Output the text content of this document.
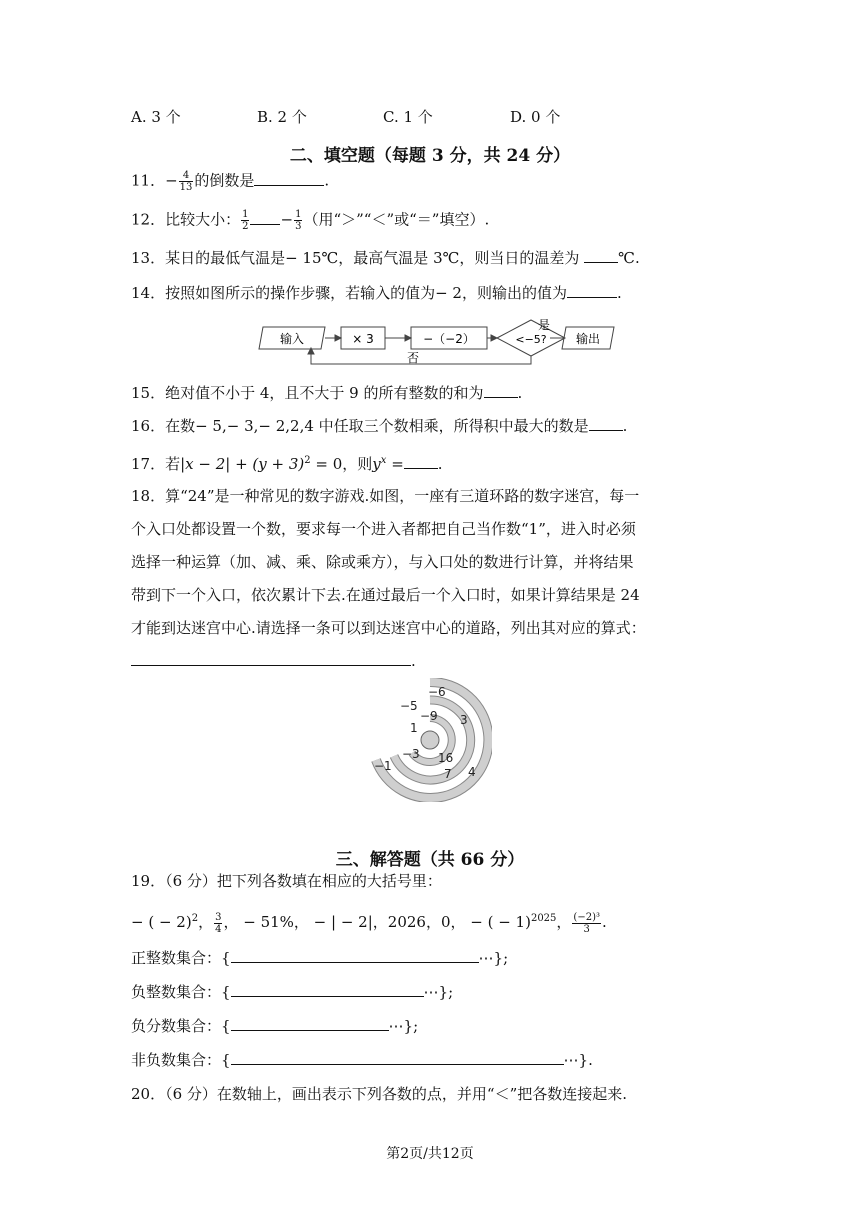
A. 3 个	B. 2 个	C. 1 个	D. 0 个
二、填空题（每题 3 分，共 24 分）
11．− $\frac{4}{13}$ 的倒数是	.
12．比较大小： $\frac{1}{2} - \frac{1}{3}$ （用“＞”“＜”或“＝”填空）.
13．某日的最低气温是− 15℃，最高气温是 3℃，则当日的温差为 ℃.
14．按照如图所示的操作步骤，若输入的值为− 2，则输出的值为	.
输入	× 3	−（−2）	<−5?
是
输出
否
15．绝对值不小于 4，且不大于 9 的所有整数的和为 .
16．在数− 5,− 3,− 2,2,4 中任取三个数相乘，所得积中最大的数是 .
17．若$|x - 2| + (y + 3)^2 = 0$，则$y^x$ = .
18．算“24”是一种常见的数字游戏.如图，一座有三道环路的数字迷宫，每一
个入口处都设置一个数，要求每一个进入者都把自己当作数“1”，进入时必须
选择一种运算（加、减、乘、除或乘方），与入口处的数进行计算，并将结果
带到下一个入口，依次累计下去.在通过最后一个入口时，如果计算结果是 24
才能到达迷宫中心.请选择一条可以到达迷宫中心的道路，列出其对应的算式：
.
−6
−5
−9 3
1
−3 16
−1
7 4
三、解答题（共 66 分）
19．（6 分）把下列各数填在相应的大括号里：
− ( − 2)$^2$， $\frac{3}{4}$ ， − 51%， − | − 2|，2026，0， − ( − 1)$^{2025}$， $\frac{\text{(−2)³}}{3}$ .
正整数集合：{	⋯};
负整数集合：{	⋯};
负分数集合：{	⋯};
非负数集合：{	⋯}.
20．（6 分）在数轴上，画出表示下列各数的点，并用“＜”把各数连接起来.
第2页/共12页
